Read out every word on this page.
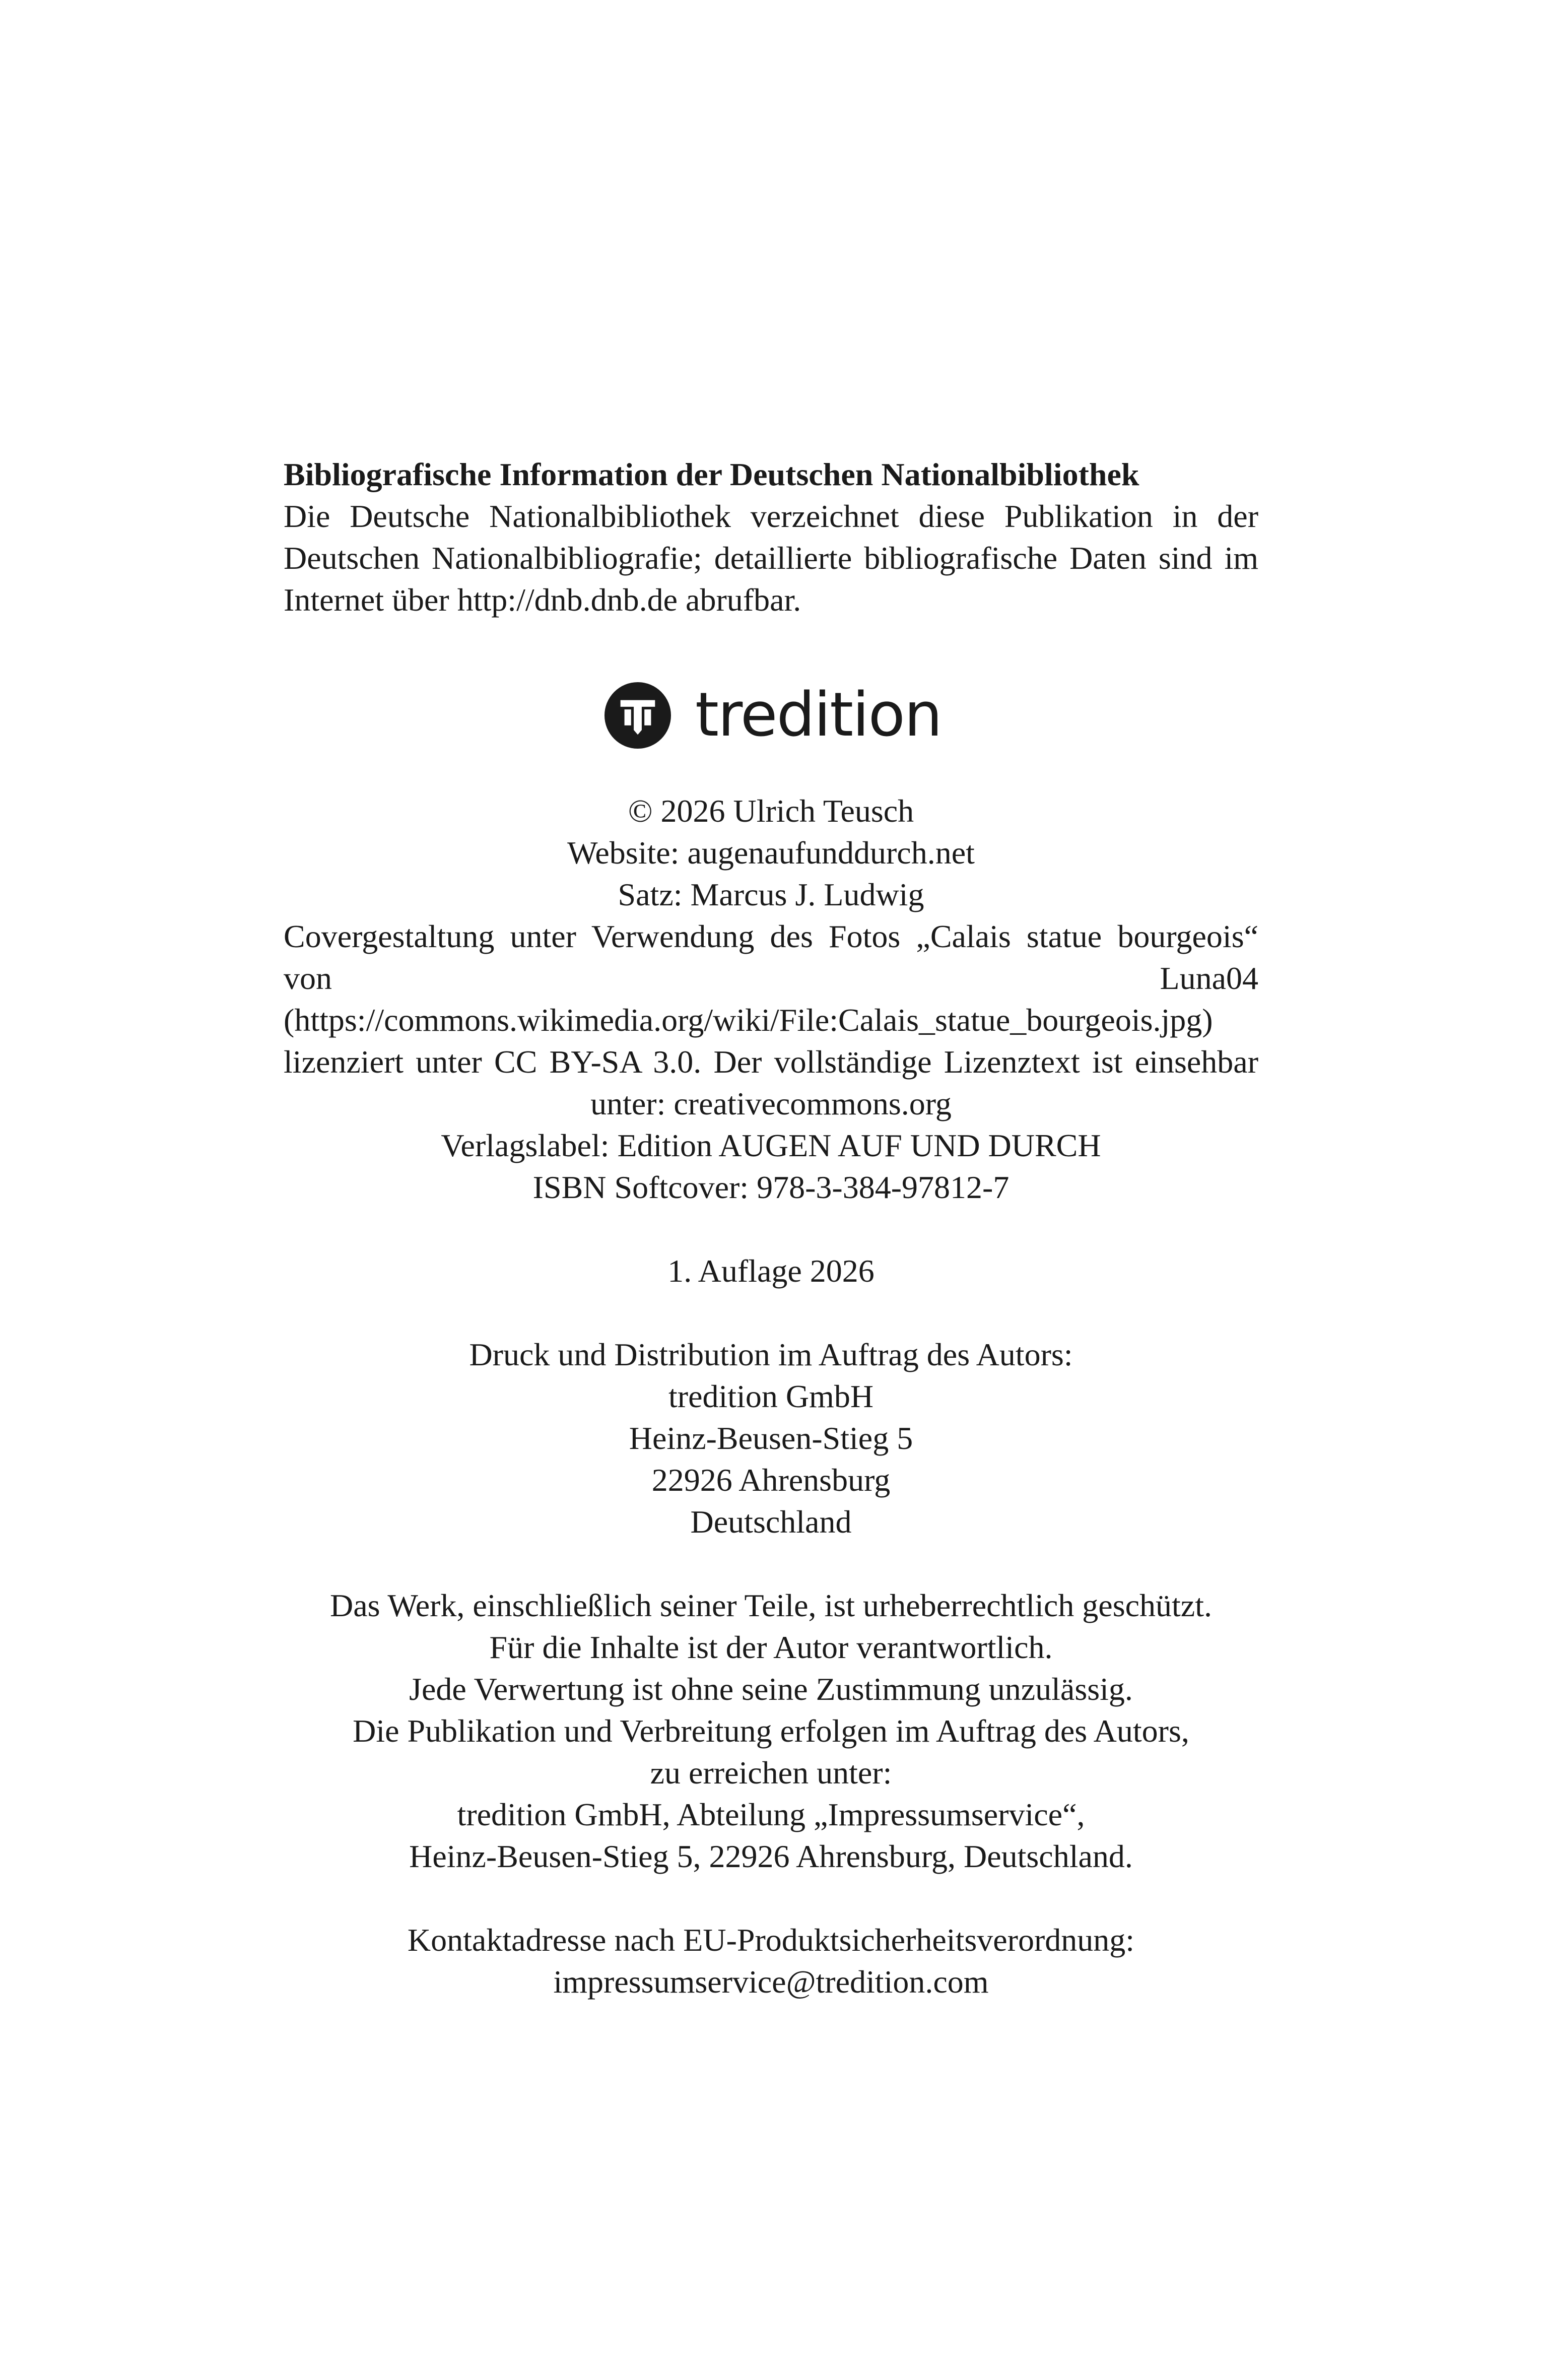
Bibliografische Information der Deutschen Nationalbibliothek
Die Deutsche Nationalbibliothek verzeichnet diese Publikation in der Deutschen Nationalbibliografie; detaillierte bibliografische Daten sind im Internet über http://dnb.dnb.de abrufbar.
tredition
© 2026 Ulrich Teusch
Website: augenaufunddurch.net
Satz: Marcus J. Ludwig
Covergestaltung unter Verwendung des Fotos „Calais statue bourgeois“ von Luna04 (https://commons.wikimedia.org/wiki/File:Calais_statue_bourgeois.jpg) lizenziert unter CC BY-SA 3.0. Der vollständige Lizenztext ist einsehbar unter: creativecommons.org
Verlagslabel: Edition AUGEN AUF UND DURCH
ISBN Softcover: 978-3-384-97812-7
1. Auflage 2026
Druck und Distribution im Auftrag des Autors:
tredition GmbH
Heinz-Beusen-Stieg 5
22926 Ahrensburg
Deutschland
Das Werk, einschließlich seiner Teile, ist urheberrechtlich geschützt.
Für die Inhalte ist der Autor verantwortlich.
Jede Verwertung ist ohne seine Zustimmung unzulässig.
Die Publikation und Verbreitung erfolgen im Auftrag des Autors,
zu erreichen unter:
tredition GmbH, Abteilung „Impressumservice“,
Heinz-Beusen-Stieg 5, 22926 Ahrensburg, Deutschland.
Kontaktadresse nach EU-Produktsicherheitsverordnung:
impressumservice@tredition.com
